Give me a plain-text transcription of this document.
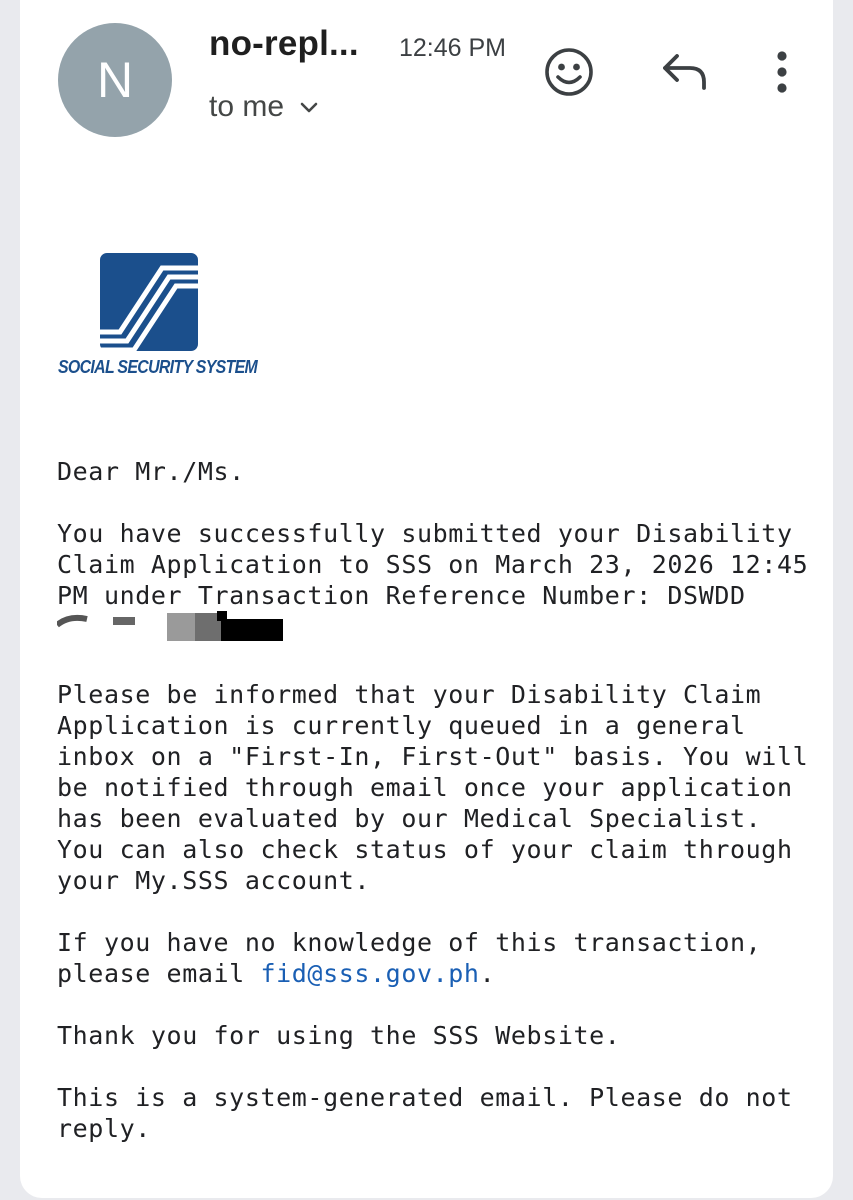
N
no-repl... 12:46 PM
to me
SOCIAL SECURITY SYSTEM

Dear Mr./Ms.

You have successfully submitted your Disability Claim Application to SSS on March 23, 2026 12:45 PM under Transaction Reference Number: DSWDD

Please be informed that your Disability Claim Application is currently queued in a general inbox on a "First-In, First-Out" basis. You will be notified through email once your application has been evaluated by our Medical Specialist. You can also check status of your claim through your My.SSS account.

If you have no knowledge of this transaction, please email fid@sss.gov.ph.

Thank you for using the SSS Website.

This is a system-generated email. Please do not reply.
